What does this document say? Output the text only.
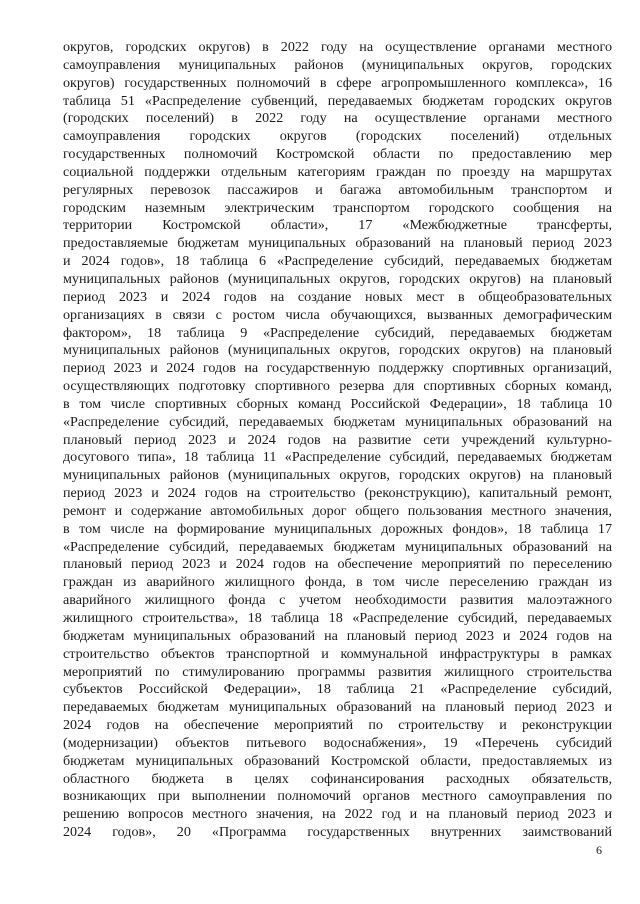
округов, городских округов) в 2022 году на осуществление органами местного
самоуправления муниципальных районов (муниципальных округов, городских
округов) государственных полномочий в сфере агропромышленного комплекса», 16
таблица 51 «Распределение субвенций, передаваемых бюджетам городских округов
(городских поселений) в 2022 году на осуществление органами местного
самоуправления городских округов (городских поселений) отдельных
государственных полномочий Костромской области по предоставлению мер
социальной поддержки отдельным категориям граждан по проезду на маршрутах
регулярных перевозок пассажиров и багажа автомобильным транспортом и
городским наземным электрическим транспортом городского сообщения на
территории Костромской области», 17 «Межбюджетные трансферты,
предоставляемые бюджетам муниципальных образований на плановый период 2023
и 2024 годов», 18 таблица 6 «Распределение субсидий, передаваемых бюджетам
муниципальных районов (муниципальных округов, городских округов) на плановый
период 2023 и 2024 годов на создание новых мест в общеобразовательных
организациях в связи с ростом числа обучающихся, вызванных демографическим
фактором», 18 таблица 9 «Распределение субсидий, передаваемых бюджетам
муниципальных районов (муниципальных округов, городских округов) на плановый
период 2023 и 2024 годов на государственную поддержку спортивных организаций,
осуществляющих подготовку спортивного резерва для спортивных сборных команд,
в том числе спортивных сборных команд Российской Федерации», 18 таблица 10
«Распределение субсидий, передаваемых бюджетам муниципальных образований на
плановый период 2023 и 2024 годов на развитие сети учреждений культурно-
досугового типа», 18 таблица 11 «Распределение субсидий, передаваемых бюджетам
муниципальных районов (муниципальных округов, городских округов) на плановый
период 2023 и 2024 годов на строительство (реконструкцию), капитальный ремонт,
ремонт и содержание автомобильных дорог общего пользования местного значения,
в том числе на формирование муниципальных дорожных фондов», 18 таблица 17
«Распределение субсидий, передаваемых бюджетам муниципальных образований на
плановый период 2023 и 2024 годов на обеспечение мероприятий по переселению
граждан из аварийного жилищного фонда, в том числе переселению граждан из
аварийного жилищного фонда с учетом необходимости развития малоэтажного
жилищного строительства», 18 таблица 18 «Распределение субсидий, передаваемых
бюджетам муниципальных образований на плановый период 2023 и 2024 годов на
строительство объектов транспортной и коммунальной инфраструктуры в рамках
мероприятий по стимулированию программы развития жилищного строительства
субъектов Российской Федерации», 18 таблица 21 «Распределение субсидий,
передаваемых бюджетам муниципальных образований на плановый период 2023 и
2024 годов на обеспечение мероприятий по строительству и реконструкции
(модернизации) объектов питьевого водоснабжения», 19 «Перечень субсидий
бюджетам муниципальных образований Костромской области, предоставляемых из
областного бюджета в целях софинансирования расходных обязательств,
возникающих при выполнении полномочий органов местного самоуправления по
решению вопросов местного значения, на 2022 год и на плановый период 2023 и
2024 годов», 20 «Программа государственных внутренних заимствований
6
